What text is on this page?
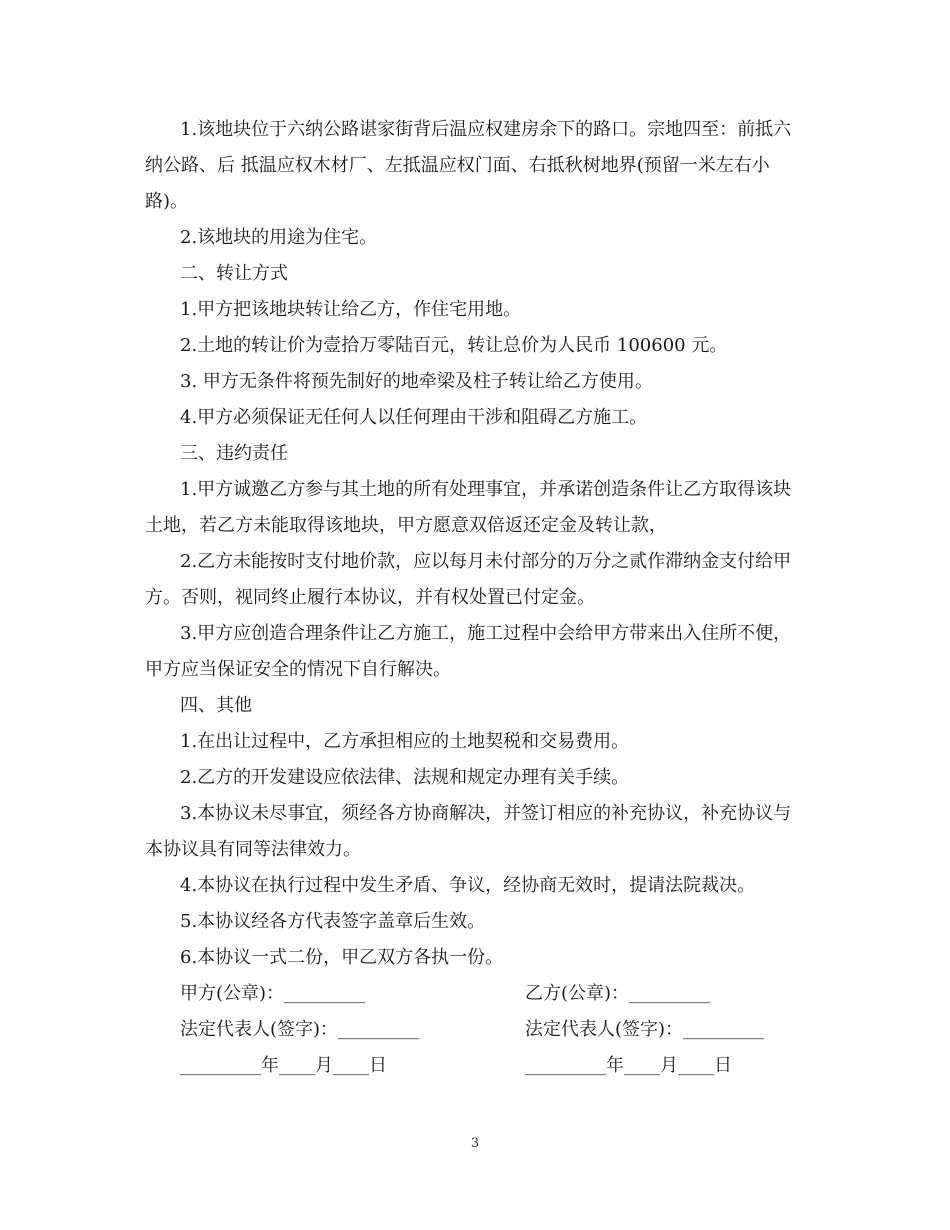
1.该地块位于六纳公路谌家街背后温应权建房余下的路口。宗地四至：前抵六纳公路、后 抵温应权木材厂、左抵温应权门面、右抵秋树地界(预留一米左右小路)。

2.该地块的用途为住宅。

二、转让方式

1.甲方把该地块转让给乙方，作住宅用地。

2.土地的转让价为壹拾万零陆百元，转让总价为人民币 100600 元。

3. 甲方无条件将预先制好的地牵梁及柱子转让给乙方使用。

4.甲方必须保证无任何人以任何理由干涉和阻碍乙方施工。

三、违约责任

1.甲方诚邀乙方参与其土地的所有处理事宜，并承诺创造条件让乙方取得该块土地，若乙方未能取得该地块，甲方愿意双倍返还定金及转让款，

2.乙方未能按时支付地价款，应以每月未付部分的万分之贰作滞纳金支付给甲方。否则，视同终止履行本协议，并有权处置已付定金。

3.甲方应创造合理条件让乙方施工，施工过程中会给甲方带来出入住所不便，甲方应当保证安全的情况下自行解决。

四、其他

1.在出让过程中，乙方承担相应的土地契税和交易费用。

2.乙方的开发建设应依法律、法规和规定办理有关手续。

3.本协议未尽事宜，须经各方协商解决，并签订相应的补充协议，补充协议与本协议具有同等法律效力。

4.本协议在执行过程中发生矛盾、争议，经协商无效时，提请法院裁决。

5.本协议经各方代表签字盖章后生效。

6.本协议一式二份，甲乙双方各执一份。

甲方(公章)：_________	乙方(公章)：_________
法定代表人(签字)：_________	法定代表人(签字)：_________
_________年____月____日	_________年____月____日
3
